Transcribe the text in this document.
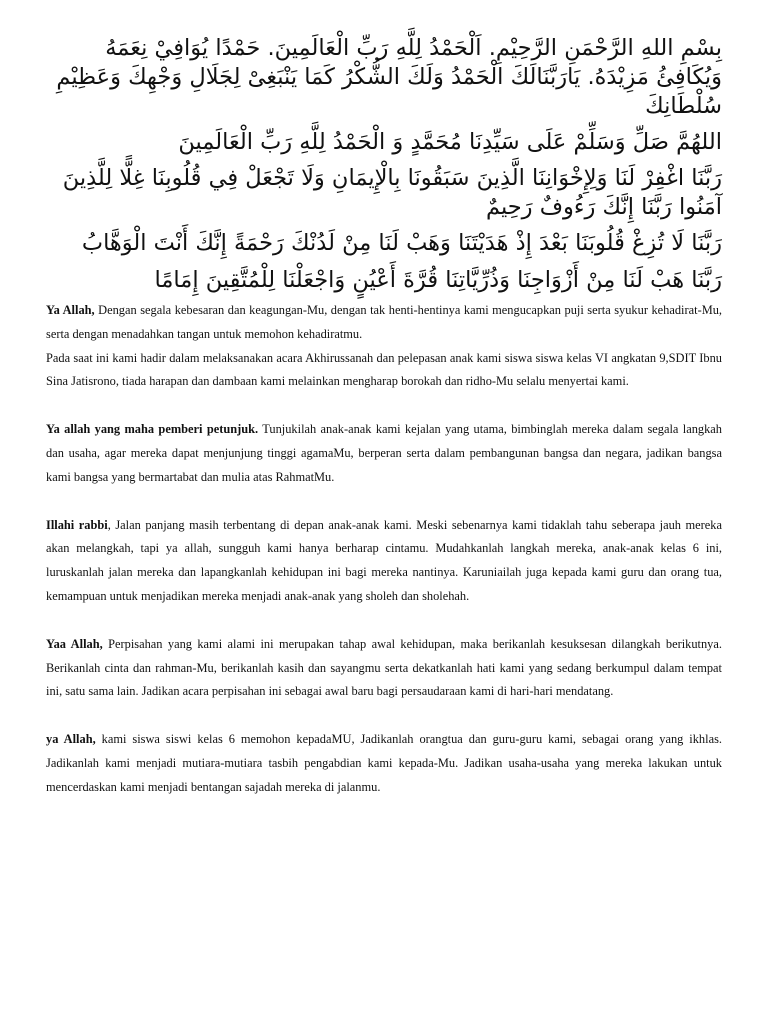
بِسْمِ اللهِ الرَّحْمَنِ الرَّحِيْمِ. اَلْحَمْدُ لِلَّهِ رَبِّ الْعَالَمِينَ. حَمْدًا يُوَافِيْ نِعَمَهُ وَيُكَافِئُ مَزِيْدَهُ. يَارَبَّنَالَكَ الْحَمْدُ وَلَكَ الشُّكْرُ كَمَا يَنْبَغِىْ لِجَلَالِ وَجْهِكَ وَعَظِيْمِ سُلْطَانِكَ

اللهُمَّ صَلِّ وَسَلِّمْ عَلَى سَيِّدِنَا مُحَمَّدٍ وَ الْحَمْدُ لِلَّهِ رَبِّ الْعَالَمِينَ

رَبَّنَا اغْفِرْ لَنَا وَلِإِخْوَانِنَا الَّذِينَ سَبَقُونَا بِالْإِيمَانِ وَلَا تَجْعَلْ فِي قُلُوبِنَا غِلًّا لِلَّذِينَ آمَنُوا رَبَّنَا إِنَّكَ رَءُوفٌ رَحِيمٌ

رَبَّنَا لَا تُزِغْ قُلُوبَنَا بَعْدَ إِذْ هَدَيْتَنَا وَهَبْ لَنَا مِنْ لَدُنْكَ رَحْمَةً إِنَّكَ أَنْتَ الْوَهَّابُ

رَبَّنَا هَبْ لَنَا مِنْ أَزْوَاجِنَا وَذُرِّيَّاتِنَا قُرَّةَ أَعْيُنٍ وَاجْعَلْنَا لِلْمُتَّقِينَ إِمَامًا

Ya Allah, Dengan segala kebesaran dan keagungan-Mu, dengan tak henti-hentinya kami mengucapkan puji serta syukur kehadirat-Mu, serta dengan menadahkan tangan untuk memohon kehadiratmu.

Pada saat ini kami hadir dalam melaksanakan acara Akhirussanah dan pelepasan anak kami siswa siswa kelas VI angkatan 9,SDIT Ibnu Sina Jatisrono, tiada harapan dan dambaan kami melainkan mengharap borokah dan ridho-Mu selalu menyertai kami.

Ya allah yang maha pemberi petunjuk. Tunjukilah anak-anak kami kejalan yang utama, bimbinglah mereka dalam segala langkah dan usaha, agar mereka dapat menjunjung tinggi agamaMu, berperan serta dalam pembangunan bangsa dan negara, jadikan bangsa kami bangsa yang bermartabat dan mulia atas RahmatMu.

Illahi rabbi, Jalan panjang masih terbentang di depan anak-anak kami. Meski sebenarnya kami tidaklah tahu seberapa jauh mereka akan melangkah, tapi ya allah, sungguh kami hanya berharap cintamu. Mudahkanlah langkah mereka, anak-anak kelas 6 ini, luruskanlah jalan mereka dan lapangkanlah kehidupan ini bagi mereka nantinya. Karuniailah juga kepada kami guru dan orang tua, kemampuan untuk menjadikan mereka menjadi anak-anak yang sholeh dan sholehah.

Yaa Allah, Perpisahan yang kami alami ini merupakan tahap awal kehidupan, maka berikanlah kesuksesan dilangkah berikutnya. Berikanlah cinta dan rahman-Mu, berikanlah kasih dan sayangmu serta dekatkanlah hati kami yang sedang berkumpul dalam tempat ini, satu sama lain. Jadikan acara perpisahan ini sebagai awal baru bagi persaudaraan kami di hari-hari mendatang.

ya Allah, kami siswa siswi kelas 6 memohon kepadaMU, Jadikanlah orangtua dan guru-guru kami, sebagai orang yang ikhlas. Jadikanlah kami menjadi mutiara-mutiara tasbih pengabdian kami kepada-Mu. Jadikan usaha-usaha yang mereka lakukan untuk mencerdaskan kami menjadi bentangan sajadah mereka di jalanmu.
